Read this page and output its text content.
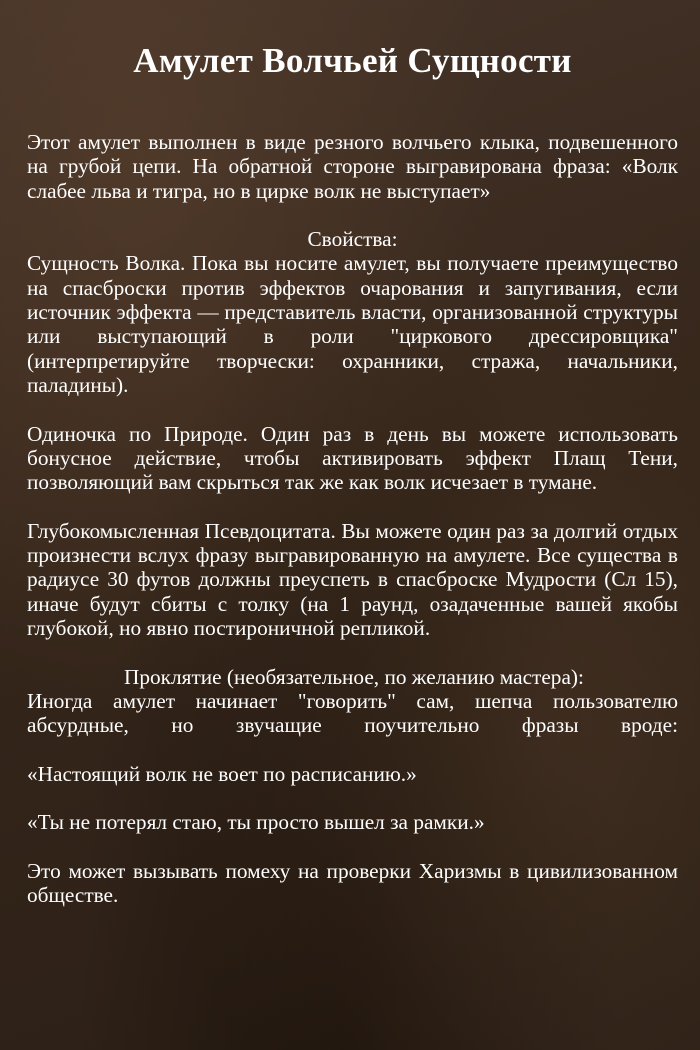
Амулет Волчьей Сущности

Этот амулет выполнен в виде резного волчьего клыка, подвешенного на грубой цепи. На обратной стороне выгравирована фраза: «Волк слабее льва и тигра, но в цирке волк не выступает»

Свойства:

Сущность Волка. Пока вы носите амулет, вы получаете преимущество на спасброски против эффектов очарования и запугивания, если источник эффекта — представитель власти, организованной структуры или выступающий в роли "циркового дрессировщика" (интерпретируйте творчески: охранники, стража, начальники, паладины).

Одиночка по Природе. Один раз в день вы можете использовать бонусное действие, чтобы активировать эффект Плащ Тени, позволяющий вам скрыться так же как волк исчезает в тумане.

Глубокомысленная Псевдоцитата. Вы можете один раз за долгий отдых произнести вслух фразу выгравированную на амулете. Все существа в радиусе 30 футов должны преуспеть в спасброске Мудрости (Сл 15), иначе будут сбиты с толку (на 1 раунд, озадаченные вашей якобы глубокой, но явно постироничной репликой.

Проклятие (необязательное, по желанию мастера):

Иногда амулет начинает "говорить" сам, шепча пользователю абсурдные, но звучащие поучительно фразы вроде:

«Настоящий волк не воет по расписанию.»

«Ты не потерял стаю, ты просто вышел за рамки.»

Это может вызывать помеху на проверки Харизмы в цивилизованном обществе.
